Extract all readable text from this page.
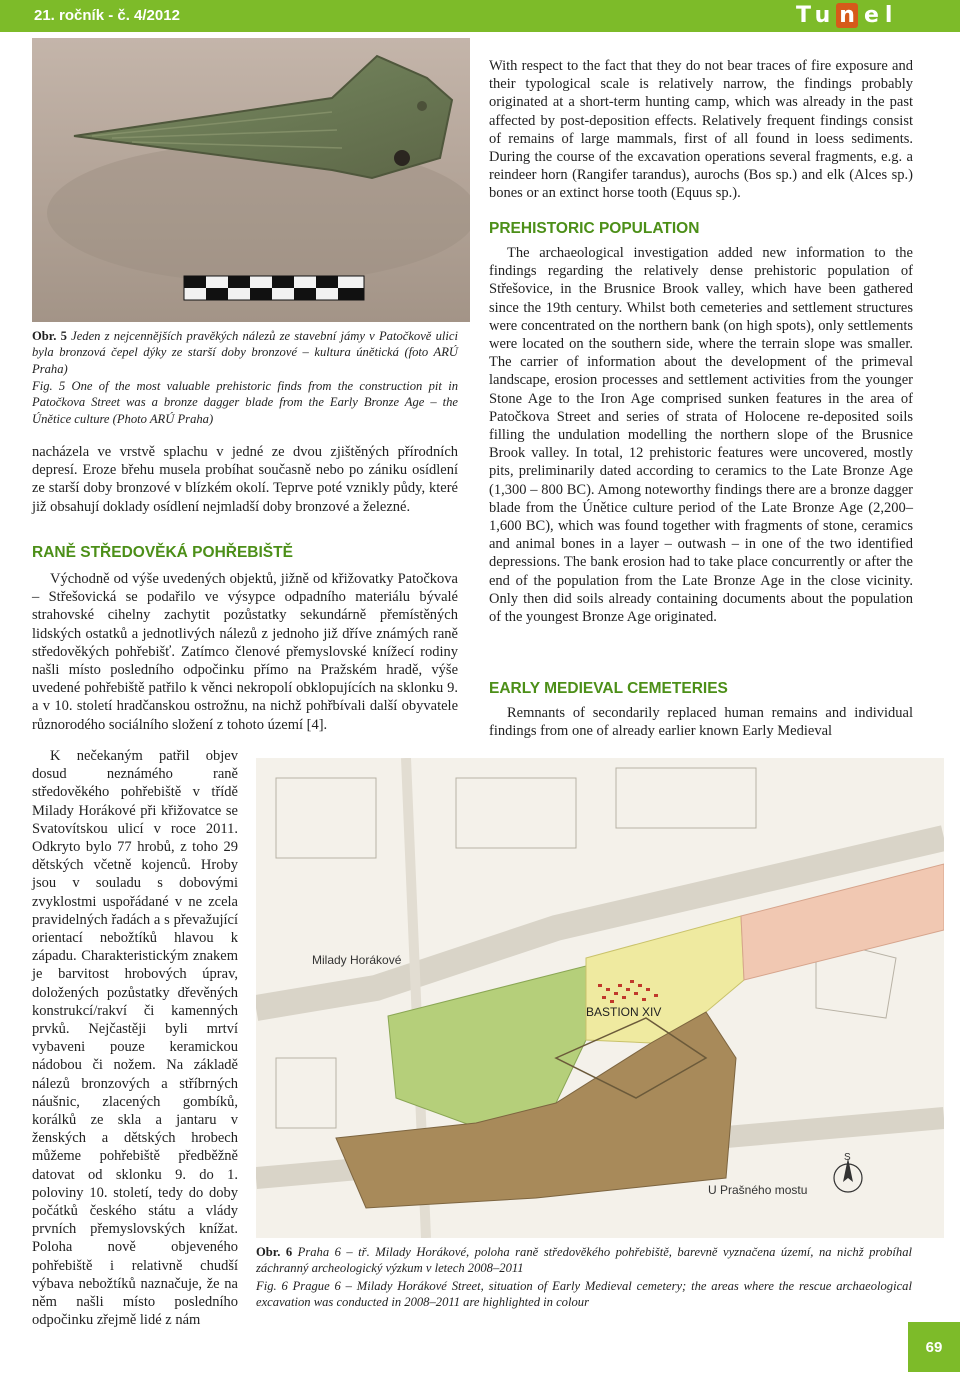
21. ročník - č. 4/2012	Tu n el

Obr. 5 Jeden z nejcennějších pravěkých nálezů ze stavební jámy v Patočkově ulici byla bronzová čepel dýky ze starší doby bronzové – kultura únětická (foto ARÚ Praha)

Fig. 5 One of the most valuable prehistoric finds from the construction pit in Patočkova Street was a bronze dagger blade from the Early Bronze Age – the Únětice culture (Photo ARÚ Praha)

nacházela ve vrstvě splachu v jedné ze dvou zjištěných přírodních depresí. Eroze břehu musela probíhat současně nebo po zániku osídlení ze starší doby bronzové v blízkém okolí. Teprve poté vznikly půdy, které již obsahují doklady osídlení nejmladší doby bronzové a železné.

RANĚ STŘEDOVĚKÁ POHŘEBIŠTĚ

Východně od výše uvedených objektů, jižně od křižovatky Patočkova – Střešovická se podařilo ve výsypce odpadního materiálu bývalé strahovské cihelny zachytit pozůstatky sekundárně přemístěných lidských ostatků a jednotlivých nálezů z jednoho již dříve známých raně středověkých pohřebišť. Zatímco členové přemyslovské knížecí rodiny našli místo posledního odpočinku přímo na Pražském hradě, výše uvedené pohřebiště patřilo k věnci nekropolí obklopujících na sklonku 9. a v 10. století hradčanskou ostrožnu, na nichž pohřbívali další obyvatele různorodého sociálního složení z tohoto území [4].

K nečekaným patřil objev dosud neznámého raně středověkého pohřebiště v třídě Milady Horákové při křižovatce se Svatovítskou ulicí v roce 2011. Odkryto bylo 77 hrobů, z toho 29 dětských včetně kojenců. Hroby jsou v souladu s dobovými zvyklostmi uspořádané v ne zcela pravidelných řadách a s převažující orientací nebožtíků hlavou k západu. Charakteristickým znakem je barvitost hrobových úprav, doložených pozůstatky dřevěných konstrukcí/rakví či kamenných prvků. Nejčastěji byli mrtví vybaveni pouze keramickou nádobou či nožem. Na základě nálezů bronzových a stříbrných náušnic, zlacených gombíků, korálků ze skla a jantaru v ženských a dětských hrobech můžeme pohřebiště předběžně datovat od sklonku 9. do 1. poloviny 10. století, tedy do doby počátků českého státu a vlády prvních přemyslovských knížat. Poloha nově objeveného pohřebiště i relativně chudší výbava nebožtíků naznačuje, že na něm našli místo posledního odpočinku zřejmě lidé z nám

With respect to the fact that they do not bear traces of fire exposure and their typological scale is relatively narrow, the findings probably originated at a short-term hunting camp, which was already in the past affected by post-deposition effects. Relatively frequent findings consist of remains of large mammals, first of all found in loess sediments. During the course of the excavation operations several fragments, e.g. a reindeer horn (Rangifer tarandus), aurochs (Bos sp.) and elk (Alces sp.) bones or an extinct horse tooth (Equus sp.).

PREHISTORIC POPULATION

The archaeological investigation added new information to the findings regarding the relatively dense prehistoric population of Střešovice, in the Brusnice Brook valley, which have been gathered since the 19th century. Whilst both cemeteries and settlement structures were concentrated on the northern bank (on high spots), only settlements were located on the southern side, where the terrain slope was smaller. The carrier of information about the development of the primeval landscape, erosion processes and settlement activities from the younger Stone Age to the Iron Age comprised sunken features in the area of Patočkova Street and series of strata of Holocene re-deposited soils filling the undulation modelling the northern slope of the Brusnice Brook valley. In total, 12 prehistoric features were uncovered, mostly pits, preliminarily dated according to ceramics to the Late Bronze Age (1,300 – 800 BC). Among noteworthy findings there are a bronze dagger blade from the Únětice culture period of the Late Bronze Age (2,200–1,600 BC), which was found together with fragments of stone, ceramics and animal bones in a layer – outwash – in one of the two identified depressions. The bank erosion had to take place concurrently or after the end of the population from the Late Bronze Age in the close vicinity. Only then did soils already containing documents about the population of the youngest Bronze Age originated.

EARLY MEDIEVAL CEMETERIES

Remnants of secondarily replaced human remains and individual findings from one of already earlier known Early Medieval

Milady Horákové
BASTION XIV
U Prašného mostu
S

Obr. 6 Praha 6 – tř. Milady Horákové, poloha raně středověkého pohřebiště, barevně vyznačena území, na nichž probíhal záchranný archeologický výzkum v letech 2008–2011

Fig. 6 Prague 6 – Milady Horákové Street, situation of Early Medieval cemetery; the areas where the rescue archaeological excavation was conducted in 2008–2011 are highlighted in colour

69
